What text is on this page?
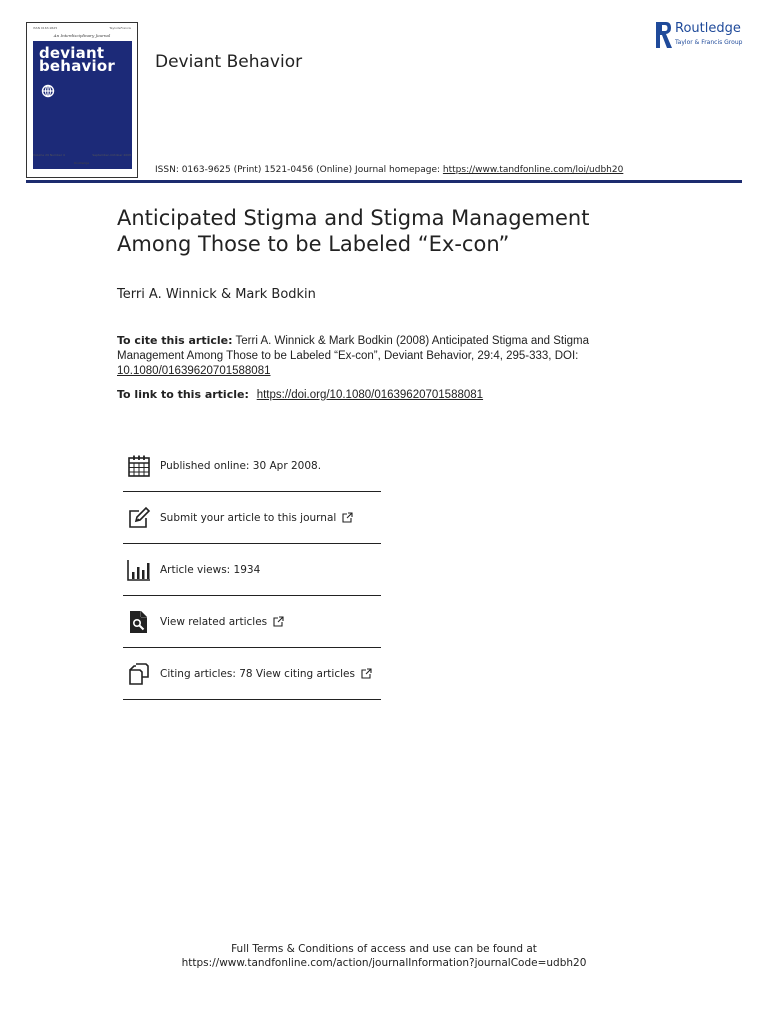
ISSN 0163-9625	Taylor&Francis
An Interdisciplinary Journal
deviant
behavior
Volume 29 Number 4	September–October 2008
Routledge
Deviant Behavior
Routledge
Taylor & Francis Group
ISSN: 0163-9625 (Print) 1521-0456 (Online) Journal homepage: https://www.tandfonline.com/loi/udbh20
Anticipated Stigma and Stigma Management
Among Those to be Labeled “Ex-con”
Terri A. Winnick & Mark Bodkin
To cite this article: Terri A. Winnick & Mark Bodkin (2008) Anticipated Stigma and Stigma Management Among Those to be Labeled “Ex-con”, Deviant Behavior, 29:4, 295-333, DOI: 10.1080/01639620701588081
To link to this article: https://doi.org/10.1080/01639620701588081
Published online: 30 Apr 2008.
Submit your article to this journal
Article views: 1934
View related articles
Citing articles: 78 View citing articles
Full Terms & Conditions of access and use can be found at
https://www.tandfonline.com/action/journalInformation?journalCode=udbh20
